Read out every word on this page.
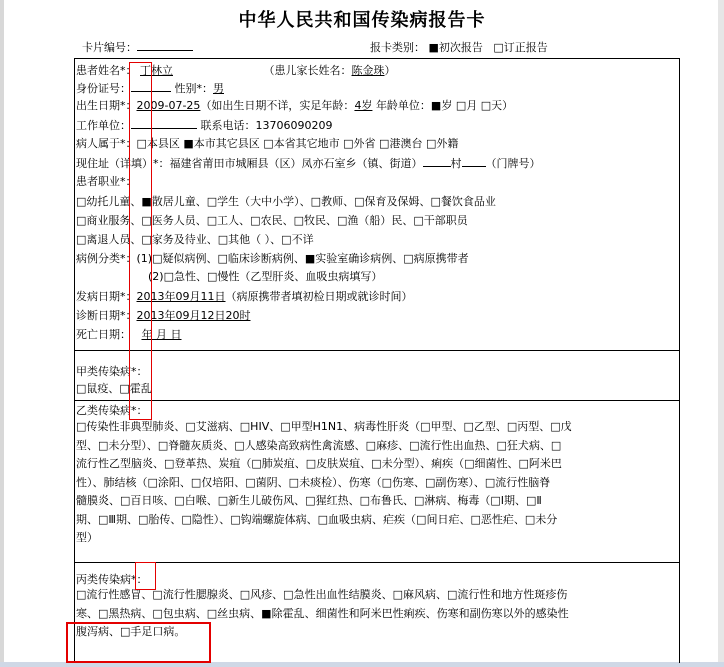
中华人民共和国传染病报告卡
卡片编号：	报卡类别： ■初次报告 □订正报告
患者姓名*： 丁林立	（患儿家长姓名：陈金珠）
身份证号：	性别*：男
出生日期*：2009-07-25（如出生日期不详，实足年龄：4岁 年龄单位：■岁 □月 □天）
工作单位：	联系电话：13706090209
病人属于*：□本县区 ■本市其它县区 □本省其它地市 □外省 □港澳台 □外籍
现住址（详填）*：福建省莆田市城厢县（区）凤亦石室乡（镇、街道）	村 （门牌号）
患者职业*：
□幼托儿童、■散居儿童、□学生（大中小学）、□教师、□保育及保姆、□餐饮食品业
□商业服务、□医务人员、□工人、□农民、□牧民、□渔（船）民、□干部职员
□离退人员、□家务及待业、□其他（ ）、□不详
病例分类*：(1)□疑似病例、□临床诊断病例、■实验室确诊病例、□病原携带者
(2)□急性、□慢性（乙型肝炎、血吸虫病填写）
发病日期*：2013年09月11日（病原携带者填初检日期或就诊时间）
诊断日期*：2013年09月12日20时
死亡日期： 年 月 日
甲类传染病*：
□鼠疫、□霍乱
乙类传染病*：
□传染性非典型肺炎、□艾滋病、□HIV、□甲型H1N1、病毒性肝炎（□甲型、□乙型、□丙型、□戊
型、□未分型）、□脊髓灰质炎、□人感染高致病性禽流感、□麻疹、□流行性出血热、□狂犬病、□
流行性乙型脑炎、□登革热、炭疽（□肺炭疽、□皮肤炭疽、□未分型）、痢疾（□细菌性、□阿米巴
性）、肺结核（□涂阳、□仅培阳、□菌阴、□未痰检）、伤寒（□伤寒、□副伤寒）、□流行性脑脊
髓膜炎、□百日咳、□白喉、□新生儿破伤风、□猩红热、□布鲁氏、□淋病、梅毒（□Ⅰ期、□Ⅱ
期、□Ⅲ期、□胎传、□隐性）、□钩端螺旋体病、□血吸虫病、疟疾（□间日疟、□恶性疟、□未分
型）
丙类传染病*：
□流行性感冒、□流行性腮腺炎、□风疹、□急性出血性结膜炎、□麻风病、□流行性和地方性斑疹伤
寒、□黑热病、□包虫病、□丝虫病、■除霍乱、细菌性和阿米巴性痢疾、伤寒和副伤寒以外的感染性
腹泻病、□手足口病。
